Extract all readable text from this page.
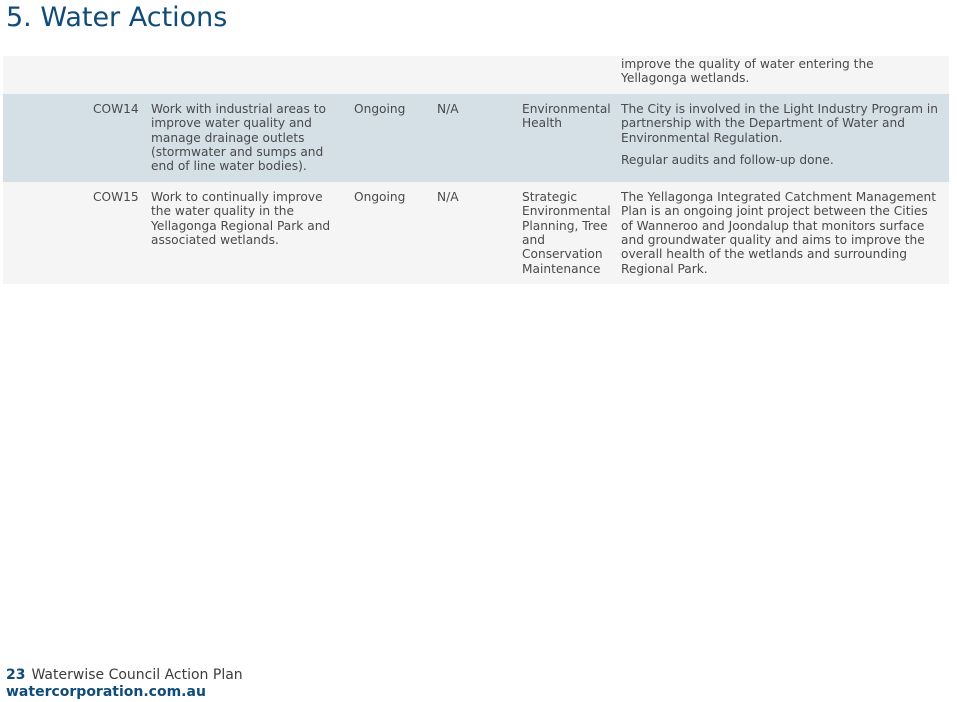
5. Water Actions

					improve the quality of water entering the Yellagonga wetlands.

COW14	Work with industrial areas to improve water quality and manage drainage outlets (stormwater and sumps and end of line water bodies).	Ongoing	N/A	Environmental Health	The City is involved in the Light Industry Program in partnership with the Department of Water and Environmental Regulation.
Regular audits and follow-up done.

COW15	Work to continually improve the water quality in the Yellagonga Regional Park and associated wetlands.	Ongoing	N/A	Strategic Environmental Planning, Tree and Conservation Maintenance	The Yellagonga Integrated Catchment Management Plan is an ongoing joint project between the Cities of Wanneroo and Joondalup that monitors surface and groundwater quality and aims to improve the overall health of the wetlands and surrounding Regional Park.
23 Waterwise Council Action Plan
watercorporation.com.au
